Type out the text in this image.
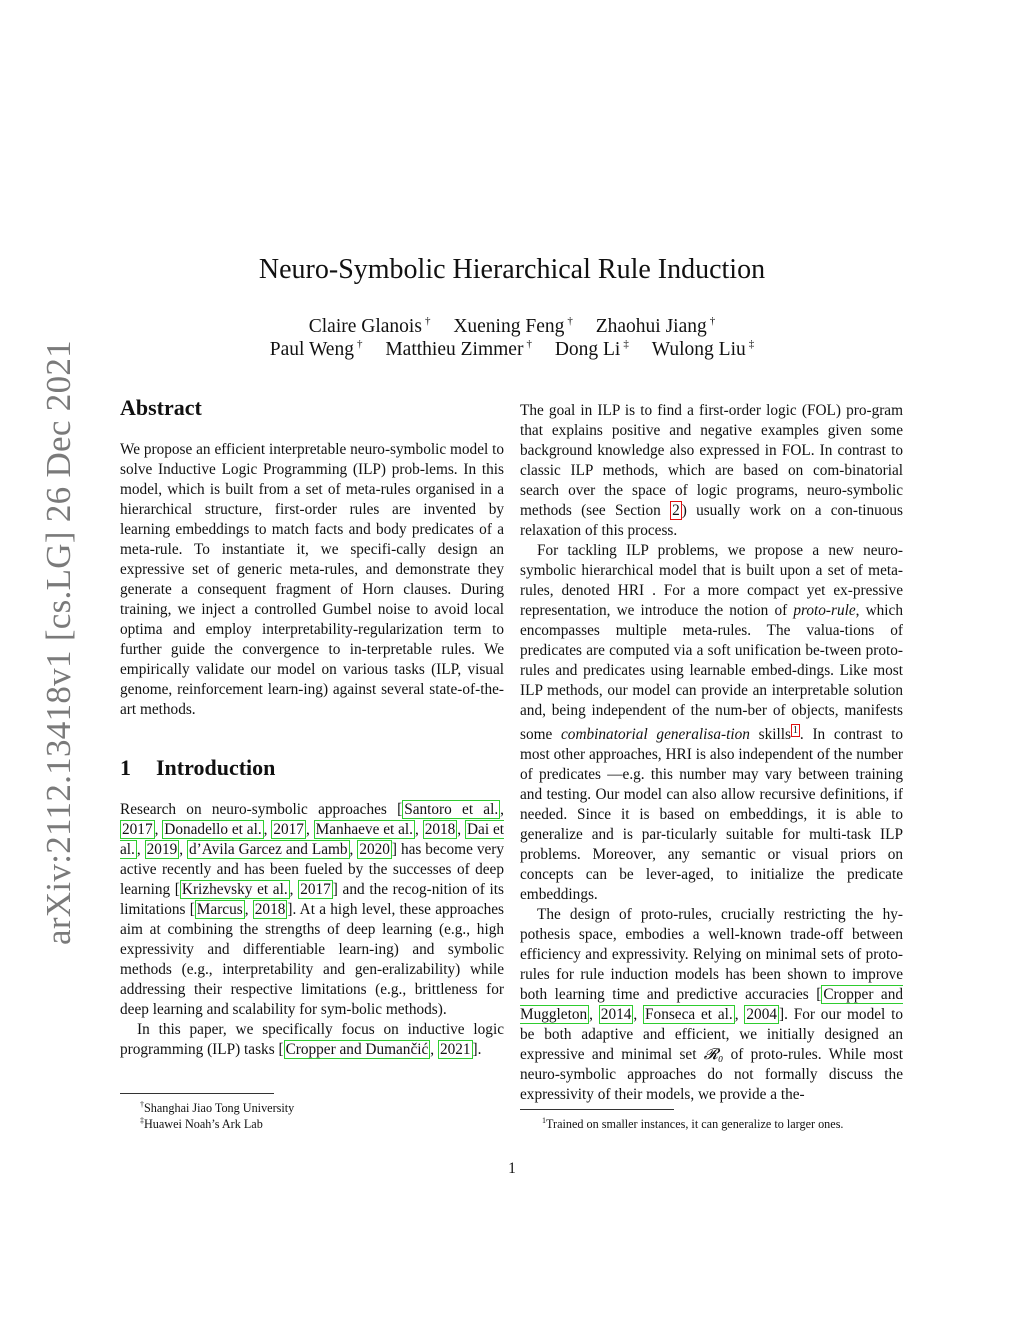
arXiv:2112.13418v1 [cs.LG] 26 Dec 2021
Neuro-Symbolic Hierarchical Rule Induction
Claire Glanois † Xuening Feng † Zhaohui Jiang †
Paul Weng † Matthieu Zimmer † Dong Li ‡ Wulong Liu ‡
Abstract

We propose an efficient interpretable neuro-symbolic model to solve Inductive Logic Programming (ILP) prob-lems. In this model, which is built from a set of meta-rules organised in a hierarchical structure, first-order rules are invented by learning embeddings to match facts and body predicates of a meta-rule. To instantiate it, we specifi-cally design an expressive set of generic meta-rules, and demonstrate they generate a consequent fragment of Horn clauses. During training, we inject a controlled Gumbel noise to avoid local optima and employ interpretability-regularization term to further guide the convergence to in-terpretable rules. We empirically validate our model on various tasks (ILP, visual genome, reinforcement learn-ing) against several state-of-the-art methods.

1 Introduction

Research on neuro-symbolic approaches [ Santoro et al. , 2017 , Donadello et al. , 2017 , Manhaeve et al. , 2018 , Dai et al. , 2019 , d’Avila Garcez and Lamb , 2020 ] has become very active recently and has been fueled by the successes of deep learning [ Krizhevsky et al. , 2017 ] and the recog-nition of its limitations [ Marcus , 2018 ]. At a high level, these approaches aim at combining the strengths of deep learning (e.g., high expressivity and differentiable learn-ing) and symbolic methods (e.g., interpretability and gen-eralizability) while addressing their respective limitations (e.g., brittleness for deep learning and scalability for sym-bolic methods).

In this paper, we specifically focus on inductive logic programming (ILP) tasks [ Cropper and Dumančić , 2021 ].

†Shanghai Jiao Tong University
‡Huawei Noah’s Ark Lab

The goal in ILP is to find a first-order logic (FOL) pro-gram that explains positive and negative examples given some background knowledge also expressed in FOL. In contrast to classic ILP methods, which are based on com-binatorial search over the space of logic programs, neuro-symbolic methods (see Section 2 ) usually work on a con-tinuous relaxation of this process.

For tackling ILP problems, we propose a new neuro-symbolic hierarchical model that is built upon a set of meta-rules, denoted HRI . For a more compact yet ex-pressive representation, we introduce the notion of proto-rule, which encompasses multiple meta-rules. The valua-tions of predicates are computed via a soft unification be-tween proto-rules and predicates using learnable embed-dings. Like most ILP methods, our model can provide an interpretable solution and, being independent of the num-ber of objects, manifests some combinatorial generalisa-tion skills $^1$ . In contrast to most other approaches, HRI is also independent of the number of predicates —e.g. this number may vary between training and testing. Our model can also allow recursive definitions, if needed. Since it is based on embeddings, it is able to generalize and is par-ticularly suitable for multi-task ILP problems. Moreover, any semantic or visual priors on concepts can be lever-aged, to initialize the predicate embeddings.

The design of proto-rules, crucially restricting the hy-pothesis space, embodies a well-known trade-off between efficiency and expressivity. Relying on minimal sets of proto-rules for rule induction models has been shown to improve both learning time and predictive accuracies [ Cropper and Muggleton , 2014 , Fonseca et al. , 2004 ]. For our model to be both adaptive and efficient, we initially designed an expressive and minimal set 𝓡₀ of proto-rules. While most neuro-symbolic approaches do not formally discuss the expressivity of their models, we provide a the-

$^1$Trained on smaller instances, it can generalize to larger ones.
1
